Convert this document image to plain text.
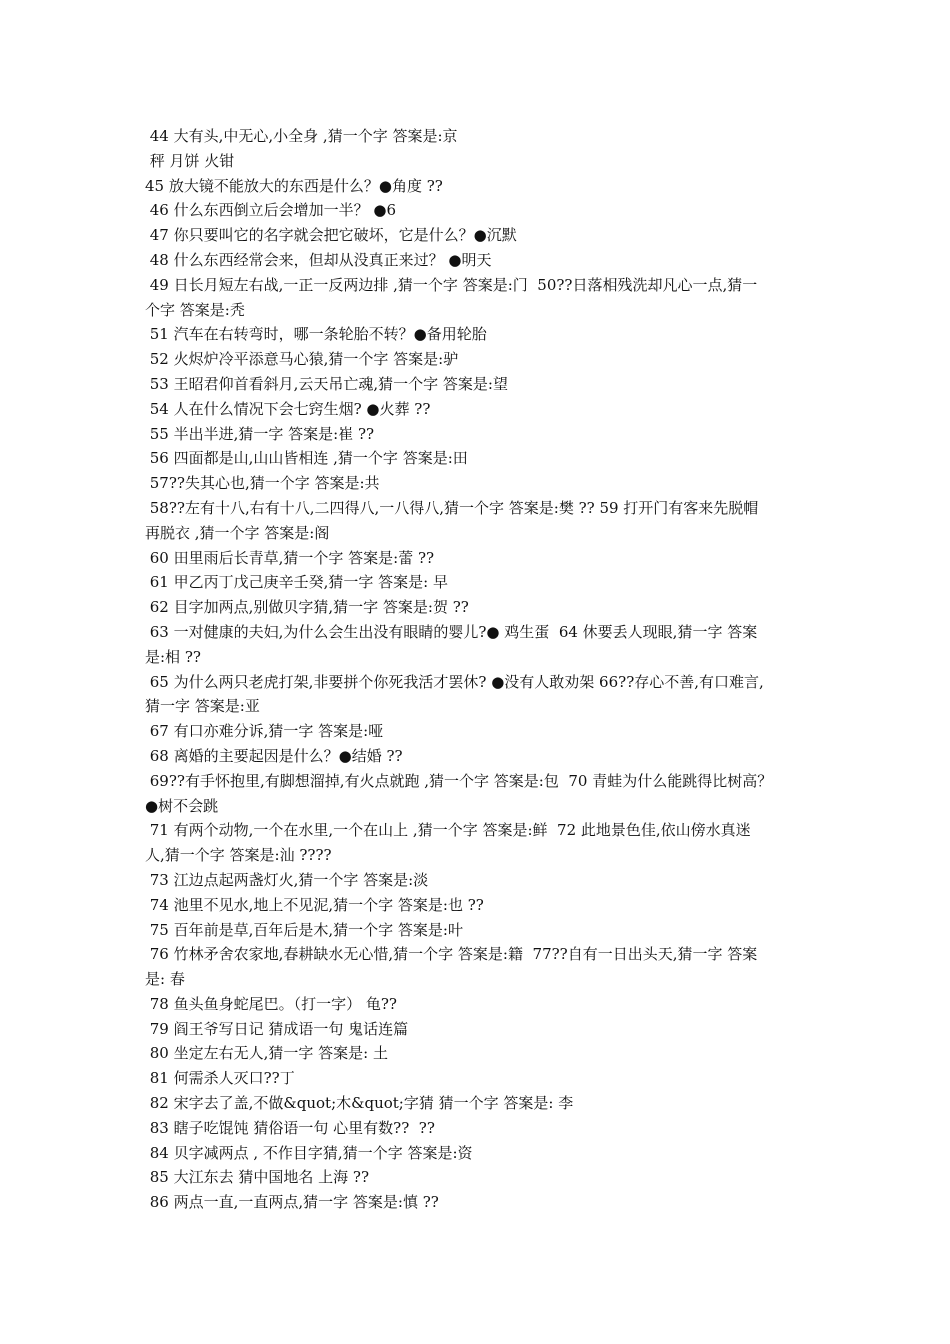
44 大有头,中无心,小全身 ,猜一个字 答案是:京
秤 月饼 火钳
45 放大镜不能放大的东西是什么？●角度 ??
46 什么东西倒立后会增加一半？ ●6
47 你只要叫它的名字就会把它破坏，它是什么？●沉默
48 什么东西经常会来，但却从没真正来过？ ●明天
49 日长月短左右战,一正一反两边排 ,猜一个字 答案是:门  50??日落相残洗却凡心一点,猜一
个字 答案是:秃
51 汽车在右转弯时，哪一条轮胎不转？●备用轮胎
52 火烬炉冷平添意马心猿,猜一个字 答案是:驴
53 王昭君仰首看斜月,云天吊亡魂,猜一个字 答案是:望
54 人在什么情况下会七窍生烟? ●火葬 ??
55 半出半进,猜一字 答案是:崔 ??
56 四面都是山,山山皆相连 ,猜一个字 答案是:田
57??失其心也,猜一个字 答案是:共
58??左有十八,右有十八,二四得八,一八得八,猜一个字 答案是:樊 ?? 59 打开门有客来先脱帽
再脱衣 ,猜一个字 答案是:阁
60 田里雨后长青草,猜一个字 答案是:蕾 ??
61 甲乙丙丁戊己庚辛壬癸,猜一字 答案是: 早
62 目字加两点,别做贝字猜,猜一字 答案是:贺 ??
63 一对健康的夫妇,为什么会生出没有眼睛的婴儿?● 鸡生蛋  64 休要丢人现眼,猜一字 答案
是:相 ??
65 为什么两只老虎打架,非要拼个你死我活才罢休? ●没有人敢劝架 66??存心不善,有口难言,
猜一字 答案是:亚
67 有口亦难分诉,猜一字 答案是:哑
68 离婚的主要起因是什么？●结婚 ??
69??有手怀抱里,有脚想溜掉,有火点就跑 ,猜一个字 答案是:包  70 青蛙为什么能跳得比树高？
●树不会跳
71 有两个动物,一个在水里,一个在山上 ,猜一个字 答案是:鲜  72 此地景色佳,依山傍水真迷
人,猜一个字 答案是:汕 ????
73 江边点起两盏灯火,猜一个字 答案是:淡
74 池里不见水,地上不见泥,猜一个字 答案是:也 ??
75 百年前是草,百年后是木,猜一个字 答案是:叶
76 竹林矛舍农家地,春耕缺水无心惜,猜一个字 答案是:籍  77??自有一日出头天,猜一字 答案
是: 春
78 鱼头鱼身蛇尾巴。（打一字） 龟??
79 阎王爷写日记 猜成语一句 鬼话连篇
80 坐定左右无人,猜一字 答案是: 土
81 何需杀人灭口??丁
82 宋字去了盖,不做&quot;木&quot;字猜 猜一个字 答案是: 李
83 瞎子吃馄饨 猜俗语一句 心里有数??  ??
84 贝字减两点 , 不作目字猜,猜一个字 答案是:资
85 大江东去 猜中国地名 上海 ??
86 两点一直,一直两点,猜一字 答案是:慎 ??
